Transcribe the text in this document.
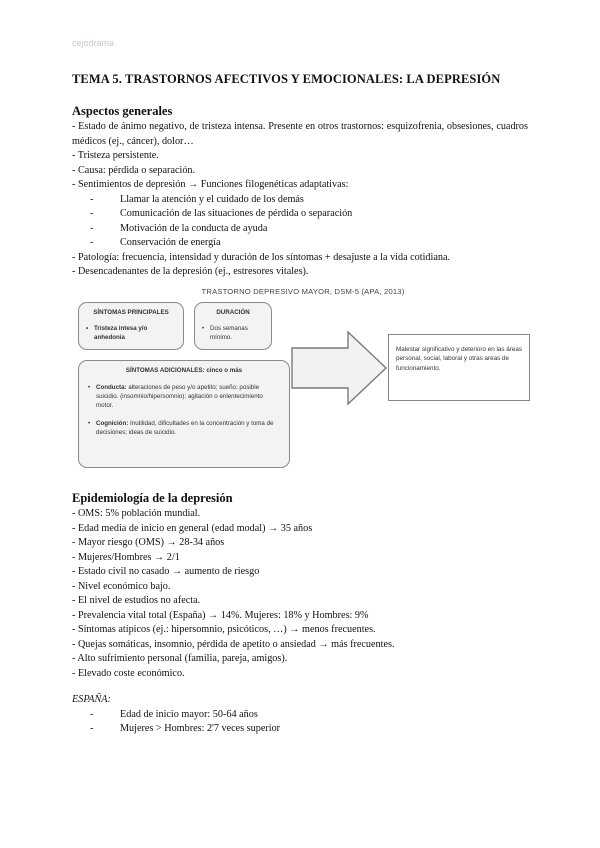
cejodrama
TEMA 5. TRASTORNOS AFECTIVOS Y EMOCIONALES: LA DEPRESIÓN
Aspectos generales
- Estado de ánimo negativo, de tristeza intensa. Presente en otros trastornos: esquizofrenia, obsesiones, cuadros médicos (ej., cáncer), dolor…
- Tristeza persistente.
- Causa: pérdida o separación.
- Sentimientos de depresión → Funciones filogenéticas adaptativas:
-	Llamar la atención y el cuidado de los demás
-	Comunicación de las situaciones de pérdida o separación
-	Motivación de la conducta de ayuda
-	Conservación de energía
- Patología: frecuencia, intensidad y duración de los síntomas + desajuste a la vida cotidiana.
- Desencadenantes de la depresión (ej., estresores vitales).
TRASTORNO DEPRESIVO MAYOR, DSM-5 (APA, 2013)
SÍNTOMAS PRINCIPALES
• Tristeza intesa y/o anhedonia
DURACIÓN
• Dos semanas mínimo.
SÍNTOMAS ADICIONALES: cinco o más
• Conducta: alteraciones de peso y/o apetito; sueño; posible suicidio. (insomnio/hipersomnio); agitación o enlentecimiento motor.
• Cognición: Inutilidad, dificultades en la concentración y toma de decisiones; ideas de suicidio.
Malestar significativo y deterioro en las áreas personal, social, laboral y otras areas de funcionamiento.
Epidemiología de la depresión
- OMS: 5% población mundial.
- Edad media de inicio en general (edad modal) → 35 años
- Mayor riesgo (OMS) → 28-34 años
- Mujeres/Hombres → 2/1
- Estado civil no casado → aumento de riesgo
- Nivel económico bajo.
- El nivel de estudios no afecta.
- Prevalencia vital total (España) → 14%. Mujeres: 18% y Hombres: 9%
- Síntomas atípicos (ej.: hipersomnio, psicóticos, …) → menos frecuentes.
- Quejas somáticas, insomnio, pérdida de apetito o ansiedad → más frecuentes.
- Alto sufrimiento personal (familia, pareja, amigos).
- Elevado coste económico.
ESPAÑA:
-	Edad de inicio mayor: 50-64 años
-	Mujeres > Hombres: 2'7 veces superior
